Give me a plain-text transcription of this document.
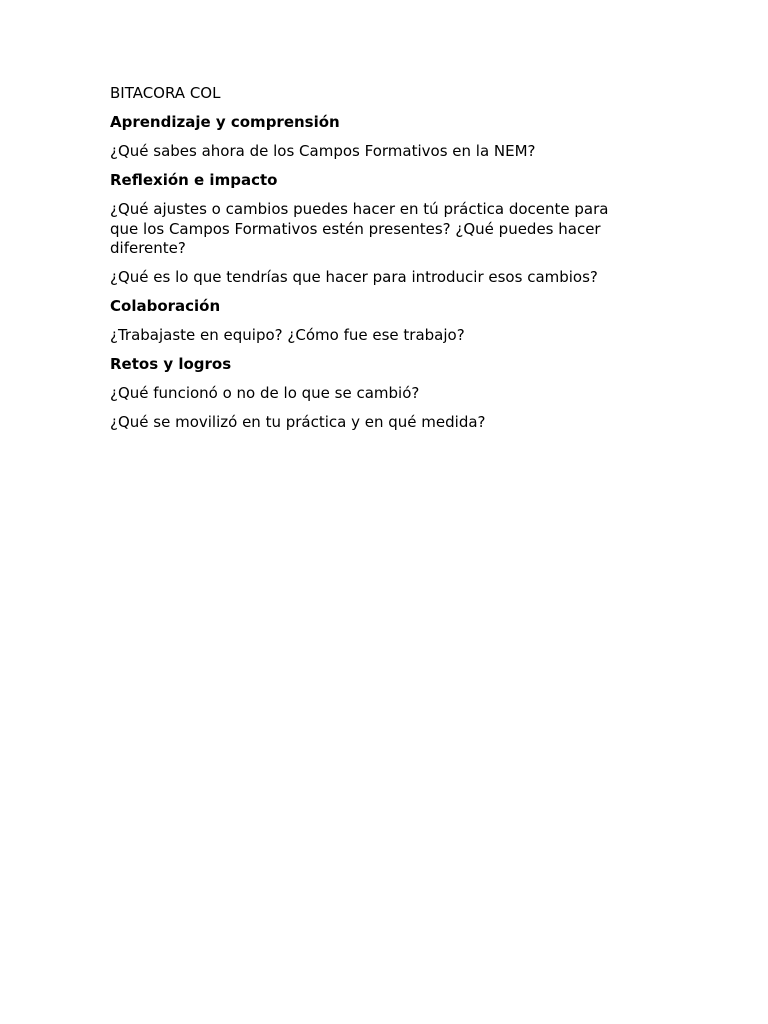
BITACORA COL

Aprendizaje y comprensión

¿Qué sabes ahora de los Campos Formativos en la NEM?

Reflexión e impacto

¿Qué ajustes o cambios puedes hacer en tú práctica docente para que los Campos Formativos estén presentes? ¿Qué puedes hacer diferente?

¿Qué es lo que tendrías que hacer para introducir esos cambios?

Colaboración

¿Trabajaste en equipo? ¿Cómo fue ese trabajo?

Retos y logros

¿Qué funcionó o no de lo que se cambió?

¿Qué se movilizó en tu práctica y en qué medida?
